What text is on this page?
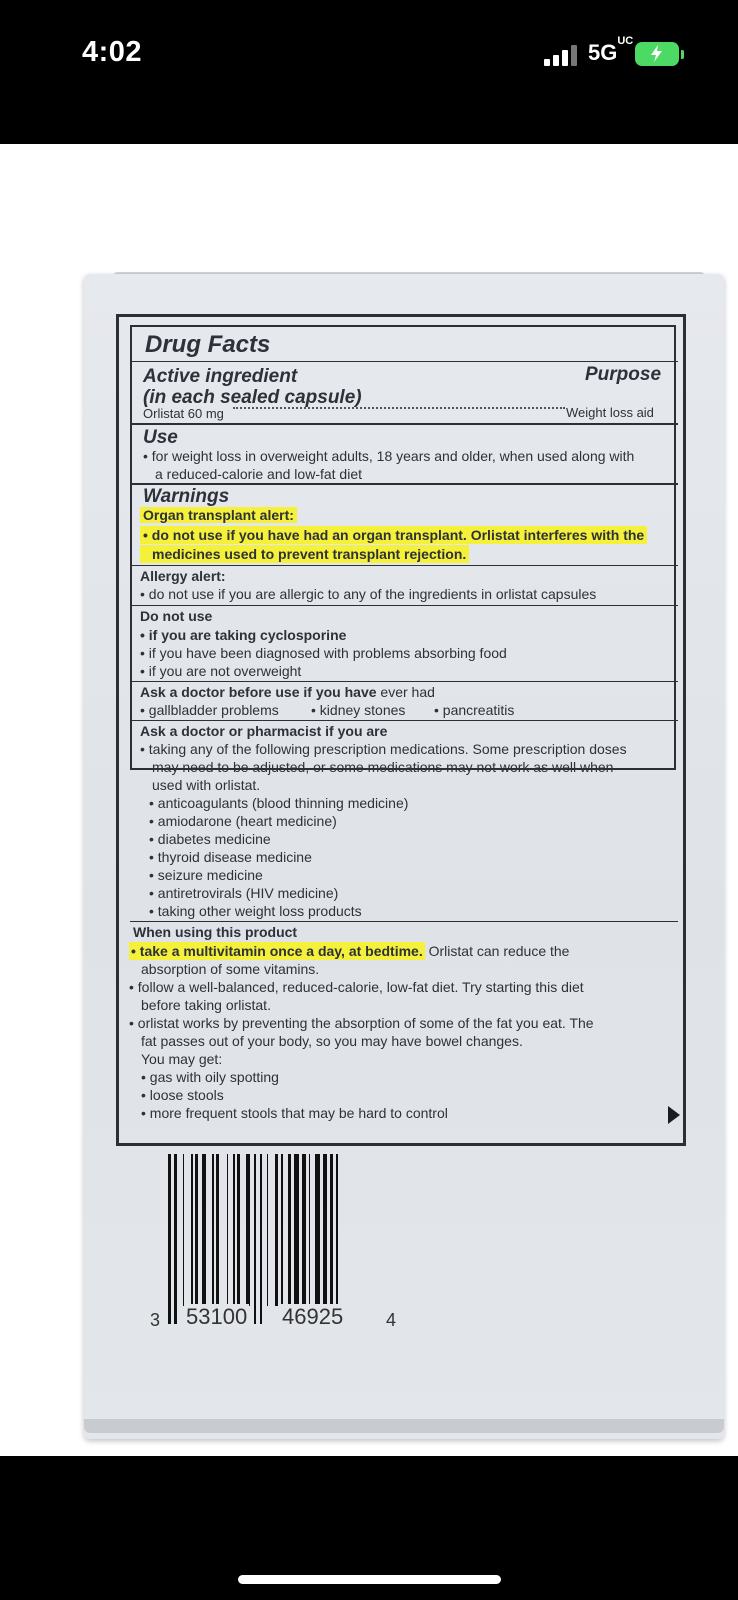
4:02	$5G^{UC}$
Drug Facts
Active ingredient
(in each sealed capsule)
Purpose
Orlistat 60 mg	Weight loss aid
Use
• for weight loss in overweight adults, 18 years and older, when used along with
a reduced-calorie and low-fat diet
Warnings
Organ transplant alert:
• do not use if you have had an organ transplant. Orlistat interferes with the
medicines used to prevent transplant rejection.
Allergy alert:
• do not use if you are allergic to any of the ingredients in orlistat capsules
Do not use
• if you are taking cyclosporine
• if you have been diagnosed with problems absorbing food
• if you are not overweight
Ask a doctor before use if you have ever had
• gallbladder problems • kidney stones • pancreatitis
Ask a doctor or pharmacist if you are
• taking any of the following prescription medications. Some prescription doses
may need to be adjusted, or some medications may not work as well when
used with orlistat.
• anticoagulants (blood thinning medicine)
• amiodarone (heart medicine)
• diabetes medicine
• thyroid disease medicine
• seizure medicine
• antiretrovirals (HIV medicine)
• taking other weight loss products
When using this product
• take a multivitamin once a day, at bedtime. Orlistat can reduce the
absorption of some vitamins.
• follow a well-balanced, reduced-calorie, low-fat diet. Try starting this diet
before taking orlistat.
• orlistat works by preventing the absorption of some of the fat you eat. The
fat passes out of your body, so you may have bowel changes.
You may get:
• gas with oily spotting
• loose stools
• more frequent stools that may be hard to control
3 53100 46925 4
